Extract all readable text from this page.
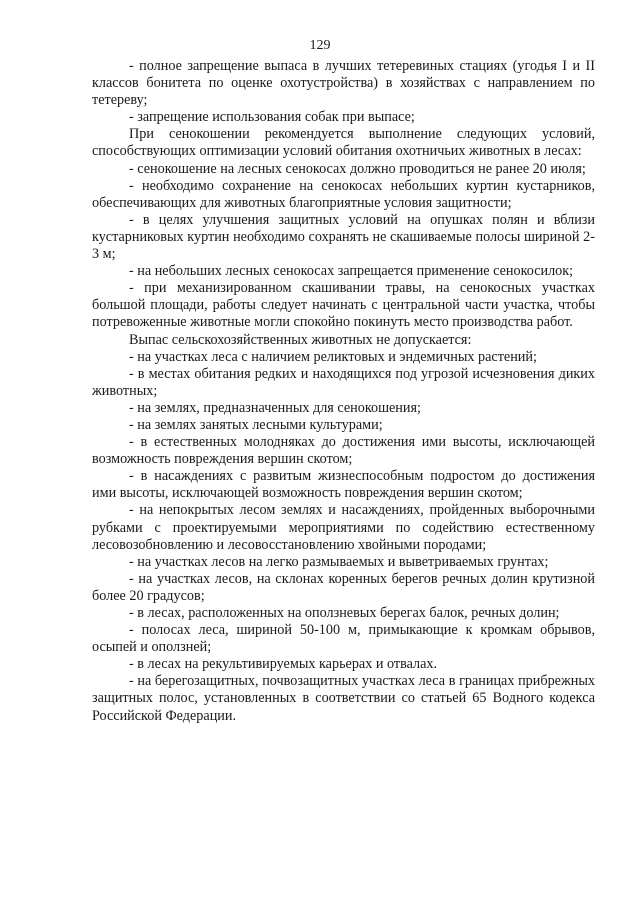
129

- полное запрещение выпаса в лучших тетеревиных стациях (угодья I и II классов бонитета по оценке охотустройства) в хозяйствах с направлением по тетереву;

- запрещение использования собак при выпасе;

При сенокошении рекомендуется выполнение следующих условий, способствующих оптимизации условий обитания охотничьих животных в лесах:

- сенокошение на лесных сенокосах должно проводиться не ранее 20 июля;

- необходимо сохранение на сенокосах небольших куртин кустарников, обеспечивающих для животных благоприятные условия защитности;

- в целях улучшения защитных условий на опушках полян и вблизи кустарниковых куртин необходимо сохранять не скашиваемые полосы шириной 2-3 м;

- на небольших лесных сенокосах запрещается применение сенокосилок;

- при механизированном скашивании травы, на сенокосных участках большой площади, работы следует начинать с центральной части участка, чтобы потревоженные животные могли спокойно покинуть место производства работ.

Выпас сельскохозяйственных животных не допускается:

- на участках леса с наличием реликтовых и эндемичных растений;

- в местах обитания редких и находящихся под угрозой исчезновения диких животных;

- на землях, предназначенных для сенокошения;

- на землях занятых лесными культурами;

- в естественных молодняках до достижения ими высоты, исключающей возможность повреждения вершин скотом;

- в насаждениях с развитым жизнеспособным подростом до достижения ими высоты, исключающей возможность повреждения вершин скотом;

- на непокрытых лесом землях и насаждениях, пройденных выборочными рубками с проектируемыми мероприятиями по содействию естественному лесовозобновлению и лесовосстановлению хвойными породами;

- на участках лесов на легко размываемых и выветриваемых грунтах;

- на участках лесов, на склонах коренных берегов речных долин крутизной более 20 градусов;

- в лесах, расположенных на оползневых берегах балок, речных долин;

- полосах леса, шириной 50-100 м, примыкающие к кромкам обрывов, осыпей и оползней;

- в лесах на рекультивируемых карьерах и отвалах.

- на берегозащитных, почвозащитных участках леса в границах прибрежных защитных полос, установленных в соответствии со статьей 65 Водного кодекса Российской Федерации.
